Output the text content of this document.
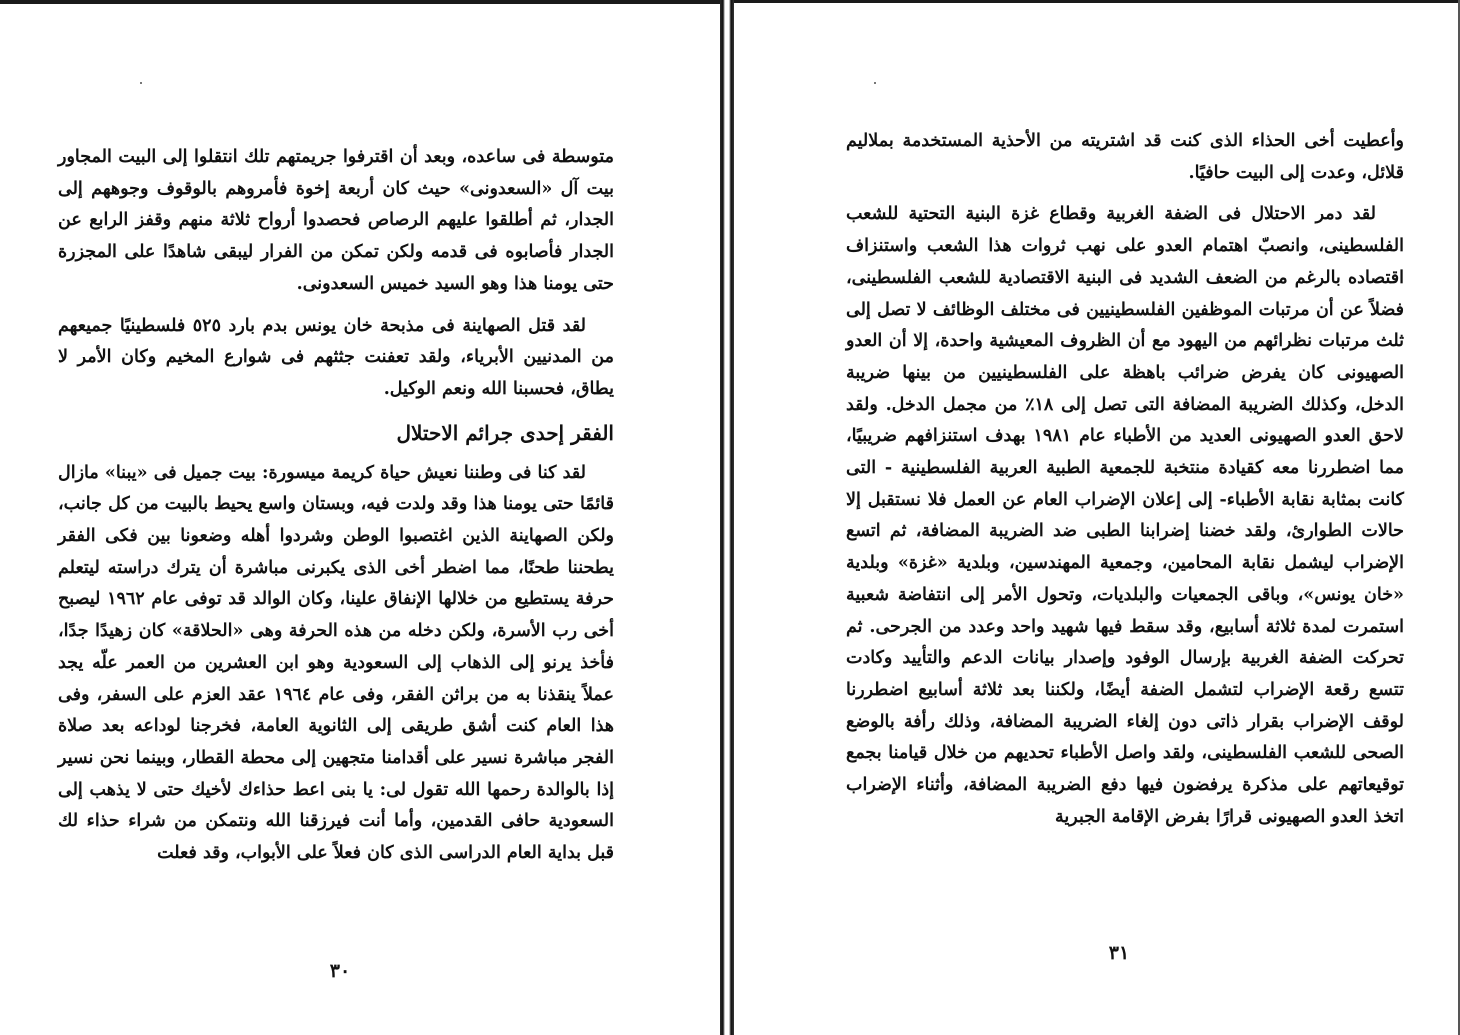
متوسطة فى ساعده، وبعد أن اقترفوا جريمتهم تلك انتقلوا إلى البيت المجاور بيت آل «السعدونى» حيث كان أربعة إخوة فأمروهم بالوقوف وجوههم إلى الجدار، ثم أطلقوا عليهم الرصاص فحصدوا أرواح ثلاثة منهم وقفز الرابع عن الجدار فأصابوه فى قدمه ولكن تمكن من الفرار ليبقى شاهدًا على المجزرة حتى يومنا هذا وهو السيد خميس السعدونى.

لقد قتل الصهاينة فى مذبحة خان يونس بدم بارد ٥٢٥ فلسطينيًا جميعهم من المدنيين الأبرياء، ولقد تعفنت جثثهم فى شوارع المخيم وكان الأمر لا يطاق، فحسبنا الله ونعم الوكيل.

الفقر إحدى جرائم الاحتلال

لقد كنا فى وطننا نعيش حياة كريمة ميسورة: بيت جميل فى «يبنا» مازال قائمًا حتى يومنا هذا وقد ولدت فيه، وبستان واسع يحيط بالبيت من كل جانب، ولكن الصهاينة الذين اغتصبوا الوطن وشردوا أهله وضعونا بين فكى الفقر يطحننا طحنًا، مما اضطر أخى الذى يكبرنى مباشرة أن يترك دراسته ليتعلم حرفة يستطيع من خلالها الإنفاق علينا، وكان الوالد قد توفى عام ١٩٦٢ ليصبح أخى رب الأسرة، ولكن دخله من هذه الحرفة وهى «الحلاقة» كان زهيدًا جدًا، فأخذ يرنو إلى الذهاب إلى السعودية وهو ابن العشرين من العمر علّه يجد عملاً ينقذنا به من براثن الفقر، وفى عام ١٩٦٤ عقد العزم على السفر، وفى هذا العام كنت أشق طريقى إلى الثانوية العامة، فخرجنا لوداعه بعد صلاة الفجر مباشرة نسير على أقدامنا متجهين إلى محطة القطار، وبينما نحن نسير إذا بالوالدة رحمها الله تقول لى: يا بنى اعط حذاءك لأخيك حتى لا يذهب إلى السعودية حافى القدمين، وأما أنت فيرزقنا الله ونتمكن من شراء حذاء لك قبل بداية العام الدراسى الذى كان فعلاً على الأبواب، وقد فعلت

٣٠

وأعطيت أخى الحذاء الذى كنت قد اشتريته من الأحذية المستخدمة بملاليم قلائل، وعدت إلى البيت حافيًا.

لقد دمر الاحتلال فى الضفة الغربية وقطاع غزة البنية التحتية للشعب الفلسطينى، وانصبّ اهتمام العدو على نهب ثروات هذا الشعب واستنزاف اقتصاده بالرغم من الضعف الشديد فى البنية الاقتصادية للشعب الفلسطينى، فضلاً عن أن مرتبات الموظفين الفلسطينيين فى مختلف الوظائف لا تصل إلى ثلث مرتبات نظرائهم من اليهود مع أن الظروف المعيشية واحدة، إلا أن العدو الصهيونى كان يفرض ضرائب باهظة على الفلسطينيين من بينها ضريبة الدخل، وكذلك الضريبة المضافة التى تصل إلى ١٨٪ من مجمل الدخل. ولقد لاحق العدو الصهيونى العديد من الأطباء عام ١٩٨١ بهدف استنزافهم ضريبيًا، مما اضطررنا معه كقيادة منتخبة للجمعية الطبية العربية الفلسطينية - التى كانت بمثابة نقابة الأطباء- إلى إعلان الإضراب العام عن العمل فلا نستقبل إلا حالات الطوارئ، ولقد خضنا إضرابنا الطبى ضد الضريبة المضافة، ثم اتسع الإضراب ليشمل نقابة المحامين، وجمعية المهندسين، وبلدية «غزة» وبلدية «خان يونس»، وباقى الجمعيات والبلديات، وتحول الأمر إلى انتفاضة شعبية استمرت لمدة ثلاثة أسابيع، وقد سقط فيها شهيد واحد وعدد من الجرحى. ثم تحركت الضفة الغربية بإرسال الوفود وإصدار بيانات الدعم والتأييد وكادت تتسع رقعة الإضراب لتشمل الضفة أيضًا، ولكننا بعد ثلاثة أسابيع اضطررنا لوقف الإضراب بقرار ذاتى دون إلغاء الضريبة المضافة، وذلك رأفة بالوضع الصحى للشعب الفلسطينى، ولقد واصل الأطباء تحديهم من خلال قيامنا بجمع توقيعاتهم على مذكرة يرفضون فيها دفع الضريبة المضافة، وأثناء الإضراب اتخذ العدو الصهيونى قرارًا بفرض الإقامة الجبرية

٣١
